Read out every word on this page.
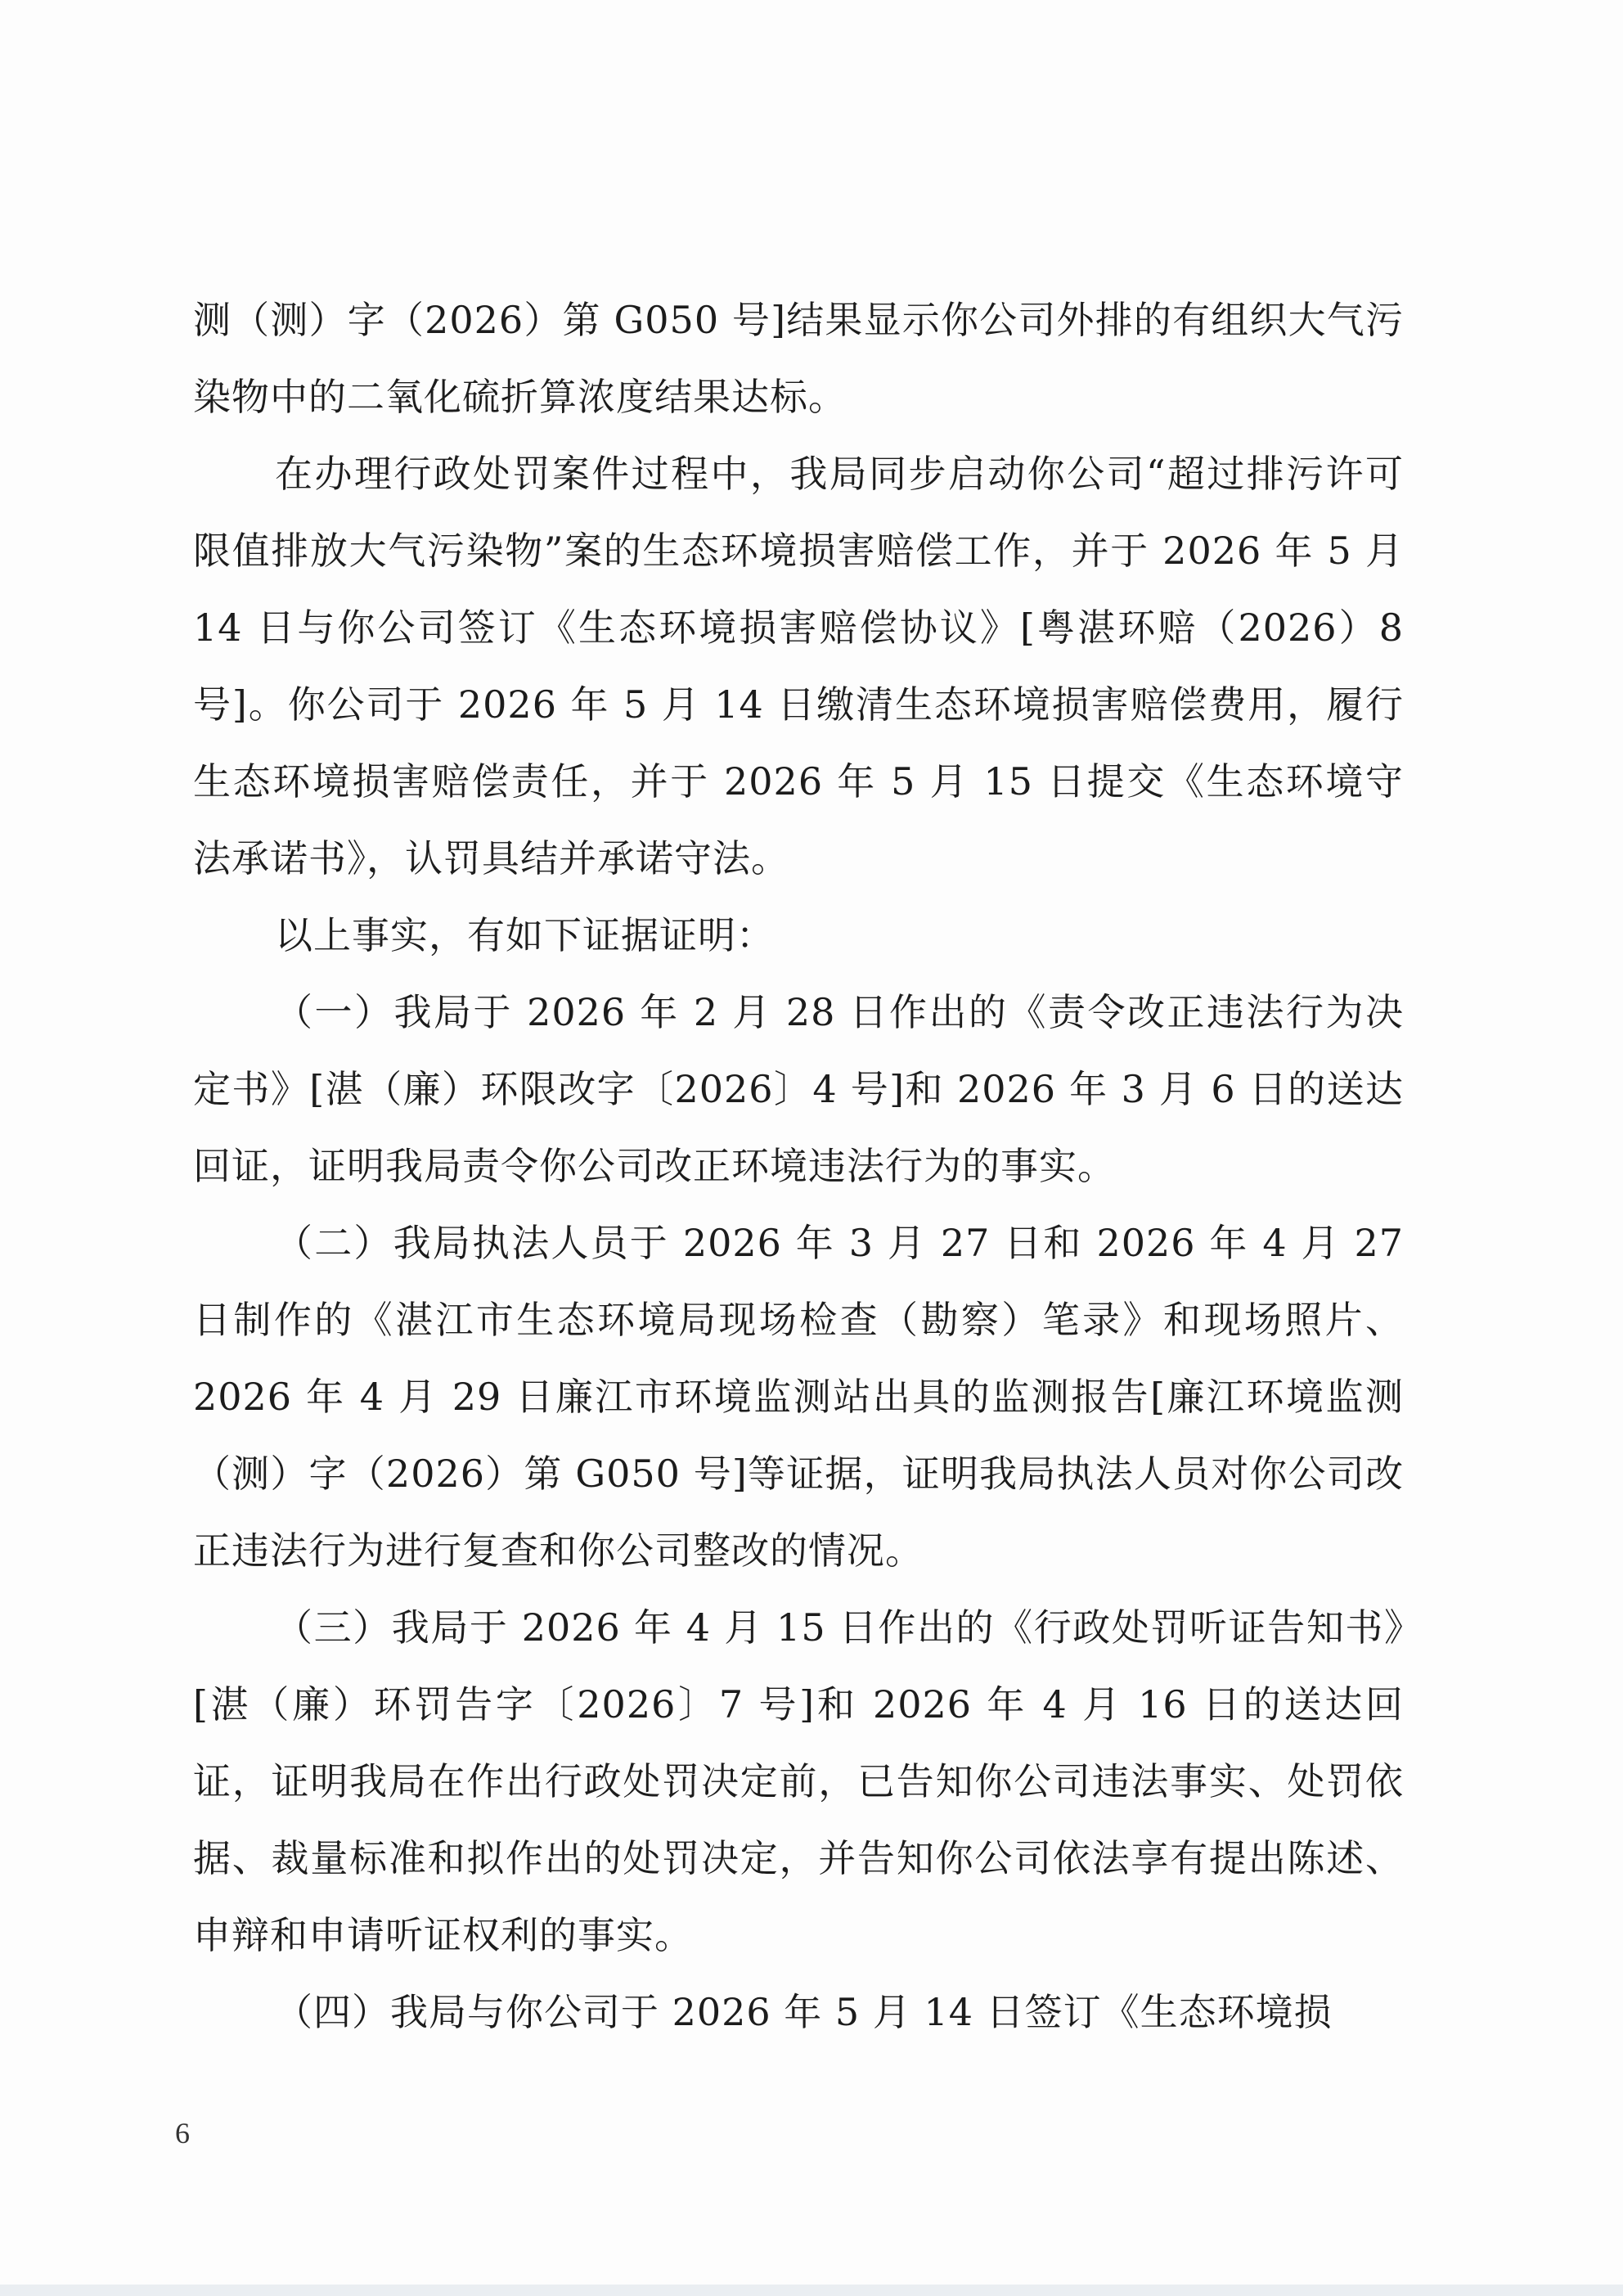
测（测）字（2026）第 G050 号]结果显示你公司外排的有组织大气污染物中的二氧化硫折算浓度结果达标。

在办理行政处罚案件过程中，我局同步启动你公司“超过排污许可限值排放大气污染物”案的生态环境损害赔偿工作，并于 2026 年 5 月 14 日与你公司签订《生态环境损害赔偿协议》[粤湛环赔（2026）8 号]。你公司于 2026 年 5 月 14 日缴清生态环境损害赔偿费用，履行生态环境损害赔偿责任，并于 2026 年 5 月 15 日提交《生态环境守法承诺书》，认罚具结并承诺守法。

以上事实，有如下证据证明：

（一）我局于 2026 年 2 月 28 日作出的《责令改正违法行为决定书》[湛（廉）环限改字〔2026〕4 号]和 2026 年 3 月 6 日的送达回证，证明我局责令你公司改正环境违法行为的事实。

（二）我局执法人员于 2026 年 3 月 27 日和 2026 年 4 月 27 日制作的《湛江市生态环境局现场检查（勘察）笔录》和现场照片、2026 年 4 月 29 日廉江市环境监测站出具的监测报告[廉江环境监测（测）字（2026）第 G050 号]等证据，证明我局执法人员对你公司改正违法行为进行复查和你公司整改的情况。

（三）我局于 2026 年 4 月 15 日作出的《行政处罚听证告知书》[湛（廉）环罚告字〔2026〕7 号]和 2026 年 4 月 16 日的送达回证，证明我局在作出行政处罚决定前，已告知你公司违法事实、处罚依据、裁量标准和拟作出的处罚决定，并告知你公司依法享有提出陈述、申辩和申请听证权利的事实。

（四）我局与你公司于 2026 年 5 月 14 日签订《生态环境损

6
